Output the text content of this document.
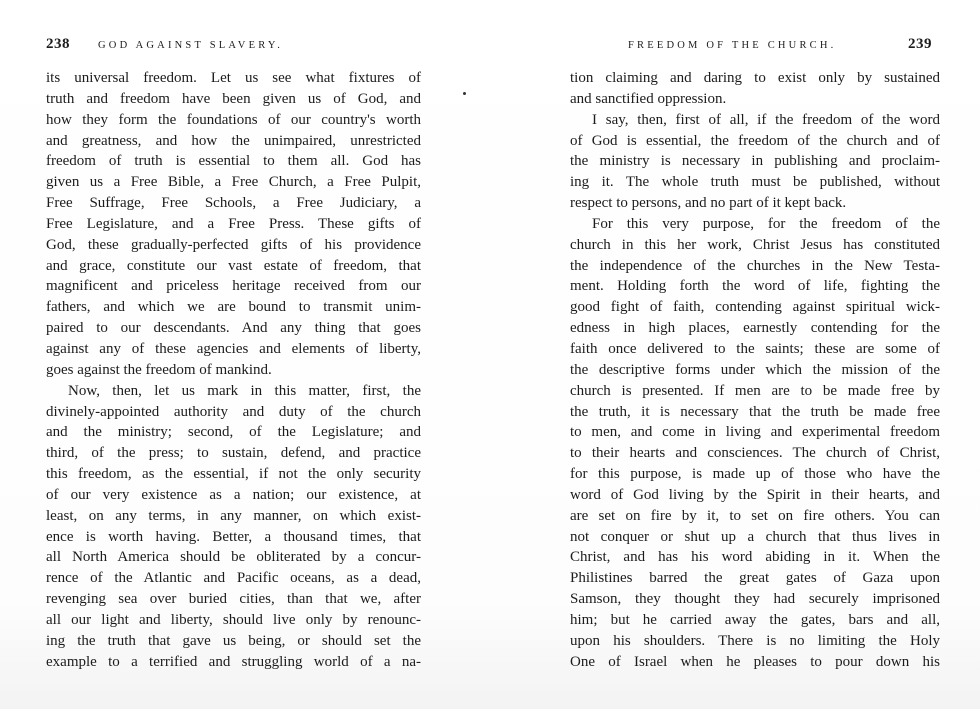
238	GOD AGAINST SLAVERY.
its universal freedom. Let us see what fixtures of
truth and freedom have been given us of God, and
how they form the foundations of our country's worth
and greatness, and how the unimpaired, unrestricted
freedom of truth is essential to them all. God has
given us a Free Bible, a Free Church, a Free Pulpit,
Free Suffrage, Free Schools, a Free Judiciary, a
Free Legislature, and a Free Press. These gifts of
God, these gradually-perfected gifts of his providence
and grace, constitute our vast estate of freedom, that
magnificent and priceless heritage received from our
fathers, and which we are bound to transmit unim-
paired to our descendants. And any thing that goes
against any of these agencies and elements of liberty,
goes against the freedom of mankind.
Now, then, let us mark in this matter, first, the
divinely-appointed authority and duty of the church
and the ministry; second, of the Legislature; and
third, of the press; to sustain, defend, and practice
this freedom, as the essential, if not the only security
of our very existence as a nation; our existence, at
least, on any terms, in any manner, on which exist-
ence is worth having. Better, a thousand times, that
all North America should be obliterated by a concur-
rence of the Atlantic and Pacific oceans, as a dead,
revenging sea over buried cities, than that we, after
all our light and liberty, should live only by renounc-
ing the truth that gave us being, or should set the
example to a terrified and struggling world of a na-
FREEDOM OF THE CHURCH.	239
tion claiming and daring to exist only by sustained
and sanctified oppression.
I say, then, first of all, if the freedom of the word
of God is essential, the freedom of the church and of
the ministry is necessary in publishing and proclaim-
ing it. The whole truth must be published, without
respect to persons, and no part of it kept back.
For this very purpose, for the freedom of the
church in this her work, Christ Jesus has constituted
the independence of the churches in the New Testa-
ment. Holding forth the word of life, fighting the
good fight of faith, contending against spiritual wick-
edness in high places, earnestly contending for the
faith once delivered to the saints; these are some of
the descriptive forms under which the mission of the
church is presented. If men are to be made free by
the truth, it is necessary that the truth be made free
to men, and come in living and experimental freedom
to their hearts and consciences. The church of Christ,
for this purpose, is made up of those who have the
word of God living by the Spirit in their hearts, and
are set on fire by it, to set on fire others. You can
not conquer or shut up a church that thus lives in
Christ, and has his word abiding in it. When the
Philistines barred the great gates of Gaza upon
Samson, they thought they had securely imprisoned
him; but he carried away the gates, bars and all,
upon his shoulders. There is no limiting the Holy
One of Israel when he pleases to pour down his
